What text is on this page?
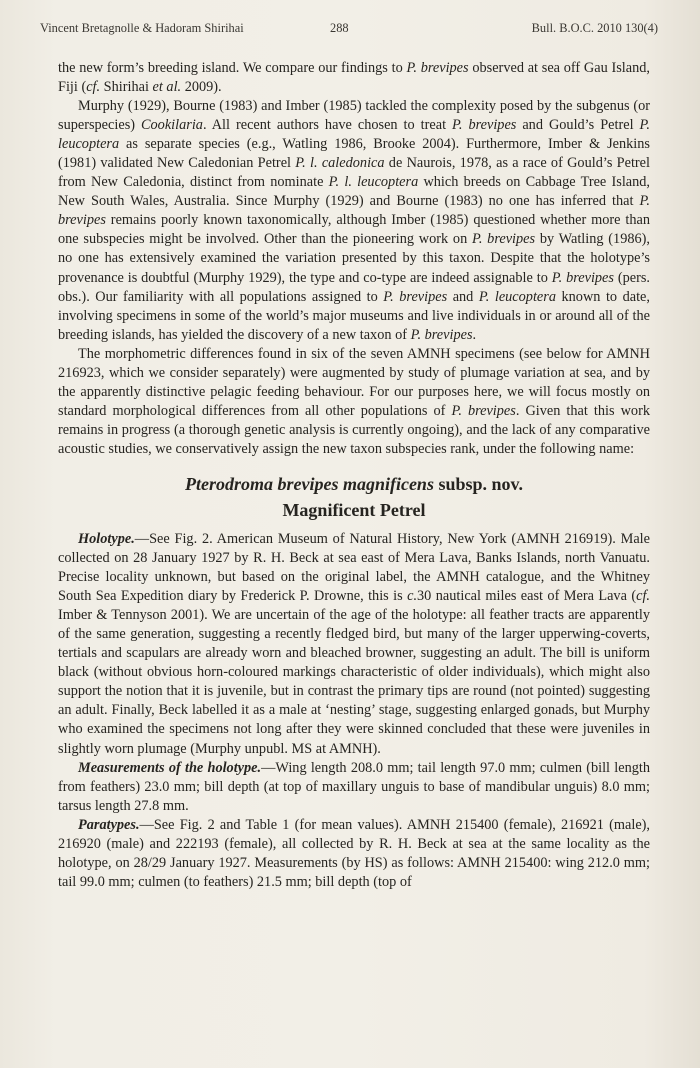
Vincent Bretagnolle & Hadoram Shirihai	288	Bull. B.O.C. 2010 130(4)

the new form’s breeding island. We compare our findings to P. brevipes observed at sea off Gau Island, Fiji (cf. Shirihai et al. 2009).

Murphy (1929), Bourne (1983) and Imber (1985) tackled the complexity posed by the subgenus (or superspecies) Cookilaria. All recent authors have chosen to treat P. brevipes and Gould’s Petrel P. leucoptera as separate species (e.g., Watling 1986, Brooke 2004). Furthermore, Imber & Jenkins (1981) validated New Caledonian Petrel P. l. caledonica de Naurois, 1978, as a race of Gould’s Petrel from New Caledonia, distinct from nominate P. l. leucoptera which breeds on Cabbage Tree Island, New South Wales, Australia. Since Murphy (1929) and Bourne (1983) no one has inferred that P. brevipes remains poorly known taxonomically, although Imber (1985) questioned whether more than one subspecies might be involved. Other than the pioneering work on P. brevipes by Watling (1986), no one has extensively examined the variation presented by this taxon. Despite that the holotype’s provenance is doubtful (Murphy 1929), the type and co-type are indeed assignable to P. brevipes (pers. obs.). Our familiarity with all populations assigned to P. brevipes and P. leucoptera known to date, involving specimens in some of the world’s major museums and live individuals in or around all of the breeding islands, has yielded the discovery of a new taxon of P. brevipes.

The morphometric differences found in six of the seven AMNH specimens (see below for AMNH 216923, which we consider separately) were augmented by study of plumage variation at sea, and by the apparently distinctive pelagic feeding behaviour. For our purposes here, we will focus mostly on standard morphological differences from all other populations of P. brevipes. Given that this work remains in progress (a thorough genetic analysis is currently ongoing), and the lack of any comparative acoustic studies, we conservatively assign the new taxon subspecies rank, under the following name:

Pterodroma brevipes magnificens subsp. nov.
Magnificent Petrel

Holotype.—See Fig. 2. American Museum of Natural History, New York (AMNH 216919). Male collected on 28 January 1927 by R. H. Beck at sea east of Mera Lava, Banks Islands, north Vanuatu. Precise locality unknown, but based on the original label, the AMNH catalogue, and the Whitney South Sea Expedition diary by Frederick P. Drowne, this is c.30 nautical miles east of Mera Lava (cf. Imber & Tennyson 2001). We are uncertain of the age of the holotype: all feather tracts are apparently of the same generation, suggesting a recently fledged bird, but many of the larger upperwing-coverts, tertials and scapulars are already worn and bleached browner, suggesting an adult. The bill is uniform black (without obvious horn-coloured markings characteristic of older individuals), which might also support the notion that it is juvenile, but in contrast the primary tips are round (not pointed) suggesting an adult. Finally, Beck labelled it as a male at ‘nesting’ stage, suggesting enlarged gonads, but Murphy who examined the specimens not long after they were skinned concluded that these were juveniles in slightly worn plumage (Murphy unpubl. MS at AMNH).

Measurements of the holotype.—Wing length 208.0 mm; tail length 97.0 mm; culmen (bill length from feathers) 23.0 mm; bill depth (at top of maxillary unguis to base of mandibular unguis) 8.0 mm; tarsus length 27.8 mm.

Paratypes.—See Fig. 2 and Table 1 (for mean values). AMNH 215400 (female), 216921 (male), 216920 (male) and 222193 (female), all collected by R. H. Beck at sea at the same locality as the holotype, on 28/29 January 1927. Measurements (by HS) as follows: AMNH 215400: wing 212.0 mm; tail 99.0 mm; culmen (to feathers) 21.5 mm; bill depth (top of
